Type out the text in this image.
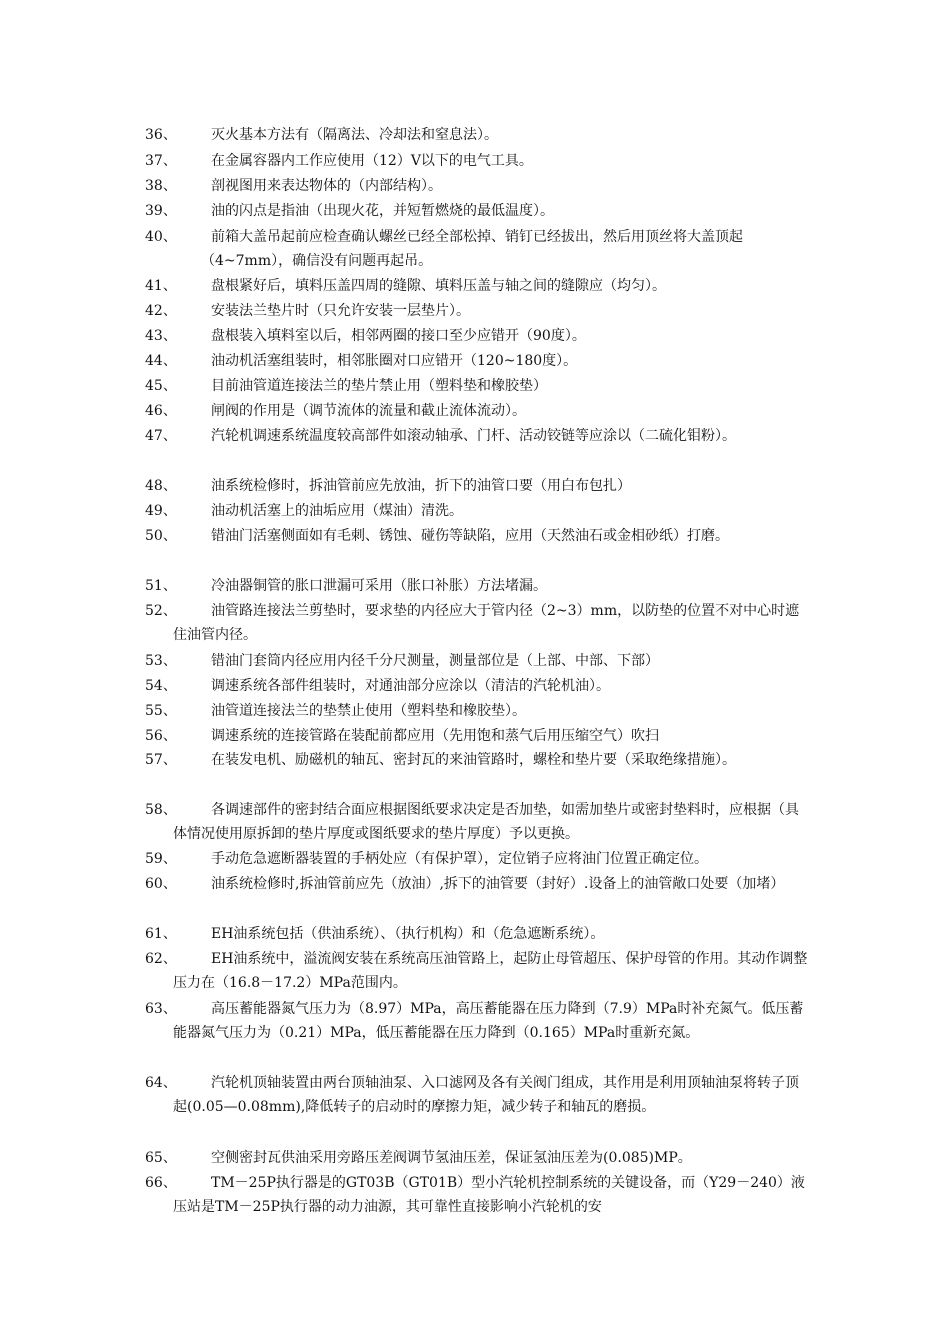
36、	灭火基本方法有（隔离法、冷却法和窒息法）。
37、	在金属容器内工作应使用（12）V以下的电气工具。
38、	剖视图用来表达物体的（内部结构）。
39、	油的闪点是指油（出现火花，并短暂燃烧的最低温度）。
40、	前箱大盖吊起前应检查确认螺丝已经全部松掉、销钉已经拔出，然后用顶丝将大盖顶起（4~7mm），确信没有问题再起吊。
41、	盘根紧好后，填料压盖四周的缝隙、填料压盖与轴之间的缝隙应（均匀）。
42、	安装法兰垫片时（只允许安装一层垫片）。
43、	盘根装入填料室以后，相邻两圈的接口至少应错开（90度）。
44、	油动机活塞组装时，相邻胀圈对口应错开（120~180度）。
45、	目前油管道连接法兰的垫片禁止用（塑料垫和橡胶垫）
46、	闸阀的作用是（调节流体的流量和截止流体流动）。
47、	汽轮机调速系统温度较高部件如滚动轴承、门杆、活动铰链等应涂以（二硫化钼粉）。
48、	油系统检修时，拆油管前应先放油，折下的油管口要（用白布包扎）
49、	油动机活塞上的油垢应用（煤油）清洗。
50、	错油门活塞侧面如有毛刺、锈蚀、碰伤等缺陷，应用（天然油石或金相砂纸）打磨。
51、	冷油器铜管的胀口泄漏可采用（胀口补胀）方法堵漏。
52、	油管路连接法兰剪垫时，要求垫的内径应大于管内径（2~3）mm，以防垫的位置不对中心时遮住油管内径。
53、	错油门套筒内径应用内径千分尺测量，测量部位是（上部、中部、下部）
54、	调速系统各部件组装时，对通油部分应涂以（清洁的汽轮机油）。
55、	油管道连接法兰的垫禁止使用（塑料垫和橡胶垫）。
56、	调速系统的连接管路在装配前都应用（先用饱和蒸气后用压缩空气）吹扫
57、	在装发电机、励磁机的轴瓦、密封瓦的来油管路时，螺栓和垫片要（采取绝缘措施）。
58、	各调速部件的密封结合面应根据图纸要求决定是否加垫，如需加垫片或密封垫料时，应根据（具体情况使用原拆卸的垫片厚度或图纸要求的垫片厚度）予以更换。
59、	手动危急遮断器装置的手柄处应（有保护罩），定位销子应将油门位置正确定位。
60、	油系统检修时,拆油管前应先（放油）,拆下的油管要（封好）.设备上的油管敞口处要（加堵）
61、	EH油系统包括（供油系统）、（执行机构）和（危急遮断系统）。
62、	EH油系统中，溢流阀安装在系统高压油管路上，起防止母管超压、保护母管的作用。其动作调整压力在（16.8－17.2）MPa范围内。
63、	高压蓄能器氮气压力为（8.97）MPa，高压蓄能器在压力降到（7.9）MPa时补充氮气。低压蓄能器氮气压力为（0.21）MPa，低压蓄能器在压力降到（0.165）MPa时重新充氮。
64、	汽轮机顶轴装置由两台顶轴油泵、入口滤网及各有关阀门组成，其作用是利用顶轴油泵将转子顶起(0.05—0.08mm),降低转子的启动时的摩擦力矩，减少转子和轴瓦的磨损。
65、	空侧密封瓦供油采用旁路压差阀调节氢油压差，保证氢油压差为(0.085)MP。
66、	TM－25P执行器是的GT03B（GT01B）型小汽轮机控制系统的关键设备，而（Y29－240）液压站是TM－25P执行器的动力油源，其可靠性直接影响小汽轮机的安
